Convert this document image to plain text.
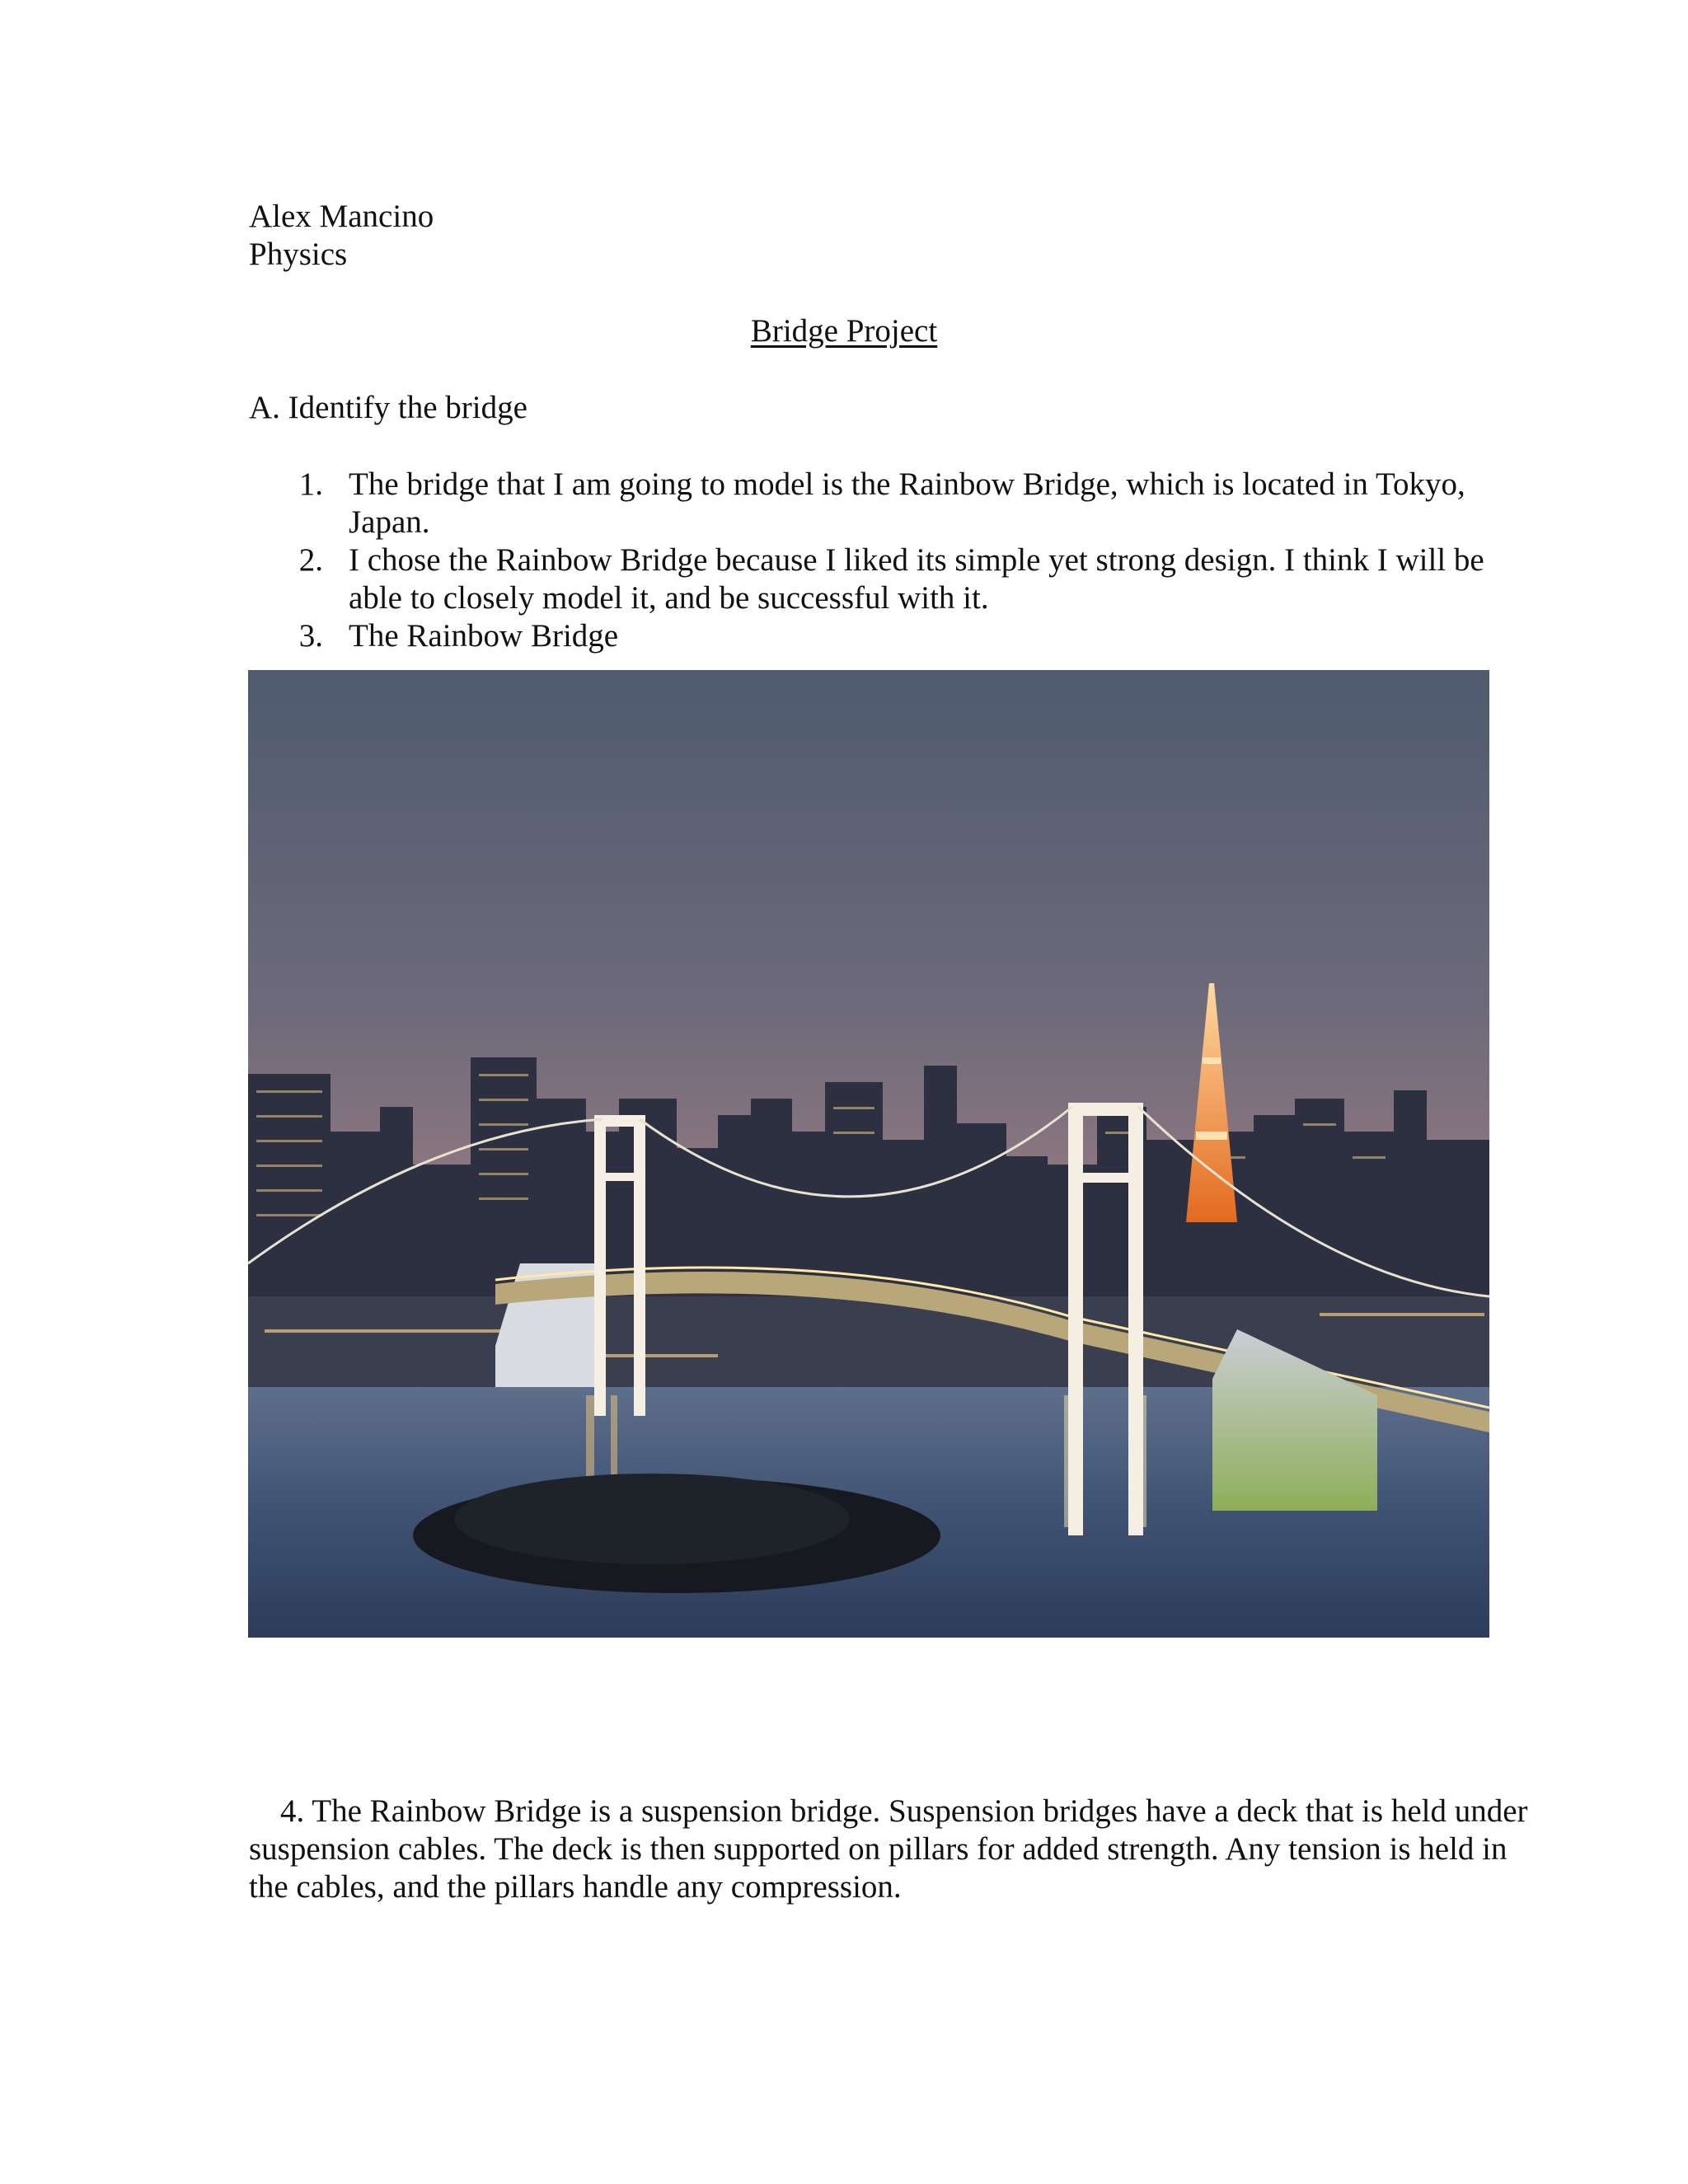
Alex Mancino
Physics
Bridge Project
A. Identify the bridge
1. The bridge that I am going to model is the Rainbow Bridge, which is located in Tokyo, Japan.
2. I chose the Rainbow Bridge because I liked its simple yet strong design. I think I will be able to closely model it, and be successful with it.
3. The Rainbow Bridge
4. The Rainbow Bridge is a suspension bridge. Suspension bridges have a deck that is held under suspension cables. The deck is then supported on pillars for added strength. Any tension is held in the cables, and the pillars handle any compression.
